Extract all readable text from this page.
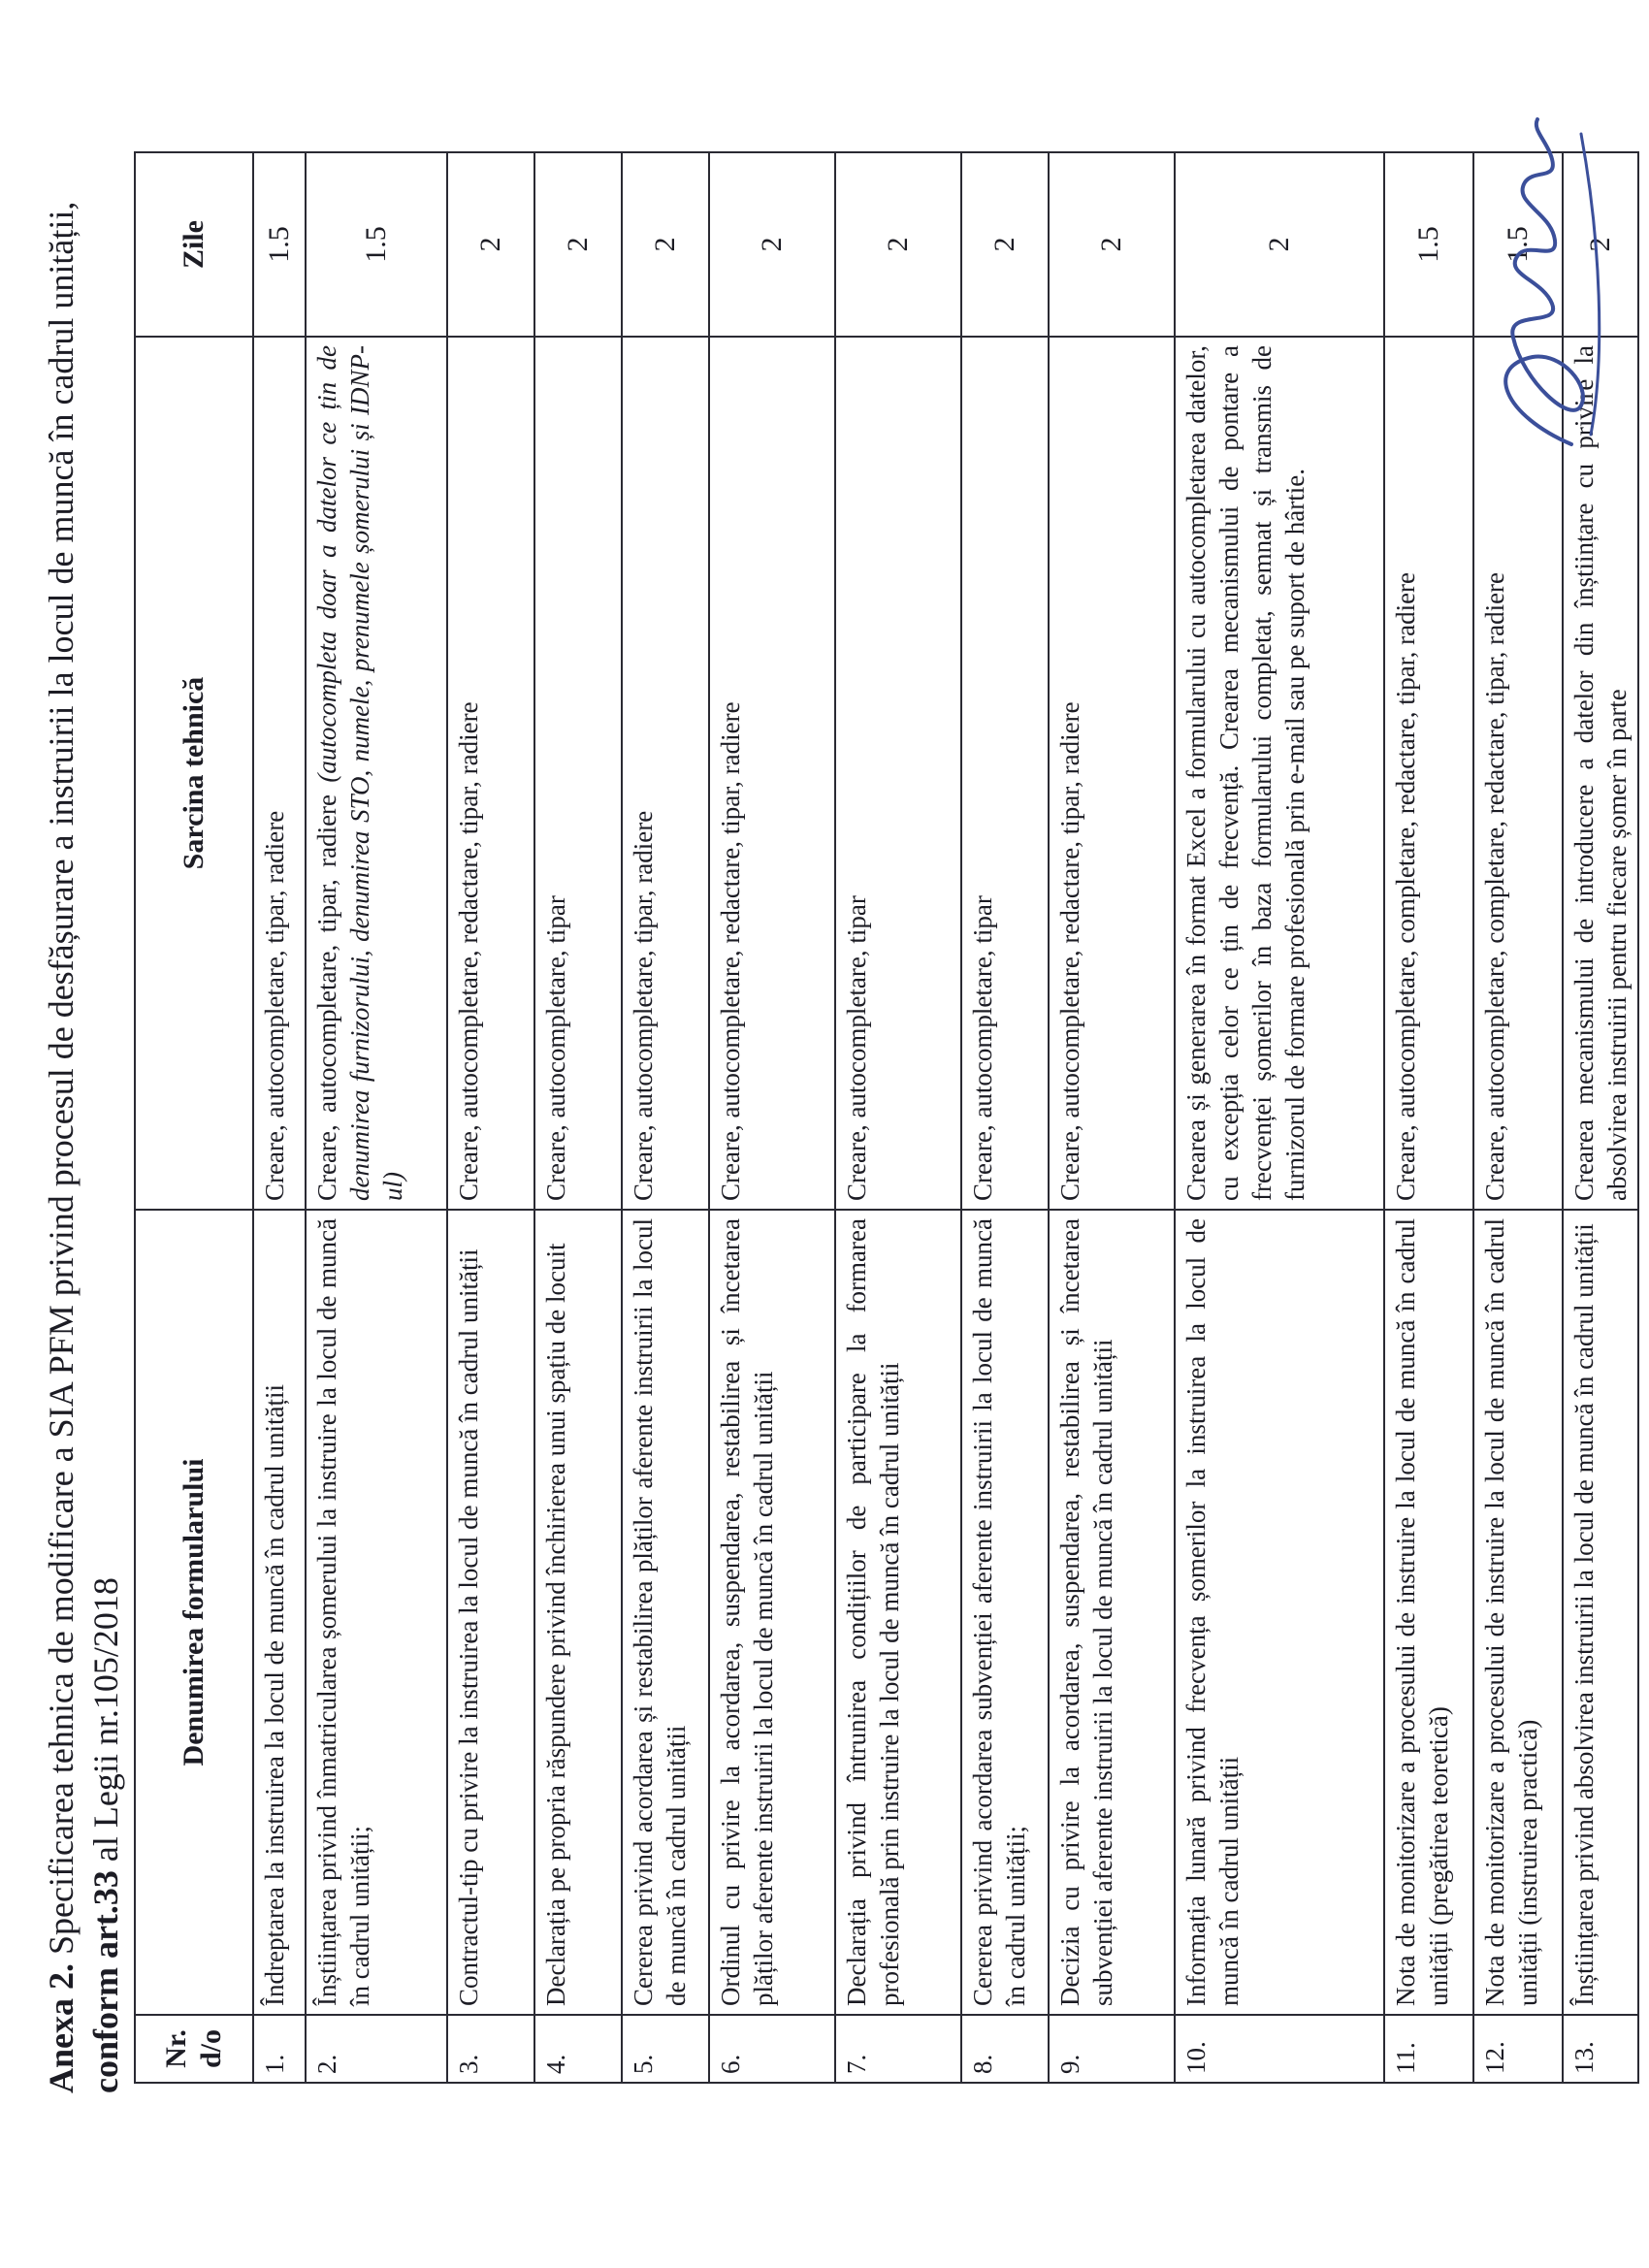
Anexa 2. Specificarea tehnica de modificare a SIA PFM privind procesul de desfășurare a instruirii la locul de muncă în cadrul unității, conform art.33 al Legii nr.105/2018
Nr. d/o	Denumirea formularului	Sarcina tehnică	Zile
1.	Îndreptarea la instruirea la locul de muncă în cadrul unității	Creare, autocompletare, tipar, radiere	1.5
2.	Înștiințarea privind înmatricularea șomerului la instruire la locul de muncă în cadrul unității;	Creare, autocompletare, tipar, radiere (autocompleta doar a datelor ce țin de denumirea furnizorului, denumirea STO, numele, prenumele șomerului și IDNP-ul)	1.5
3.	Contractul-tip cu privire la instruirea la locul de muncă în cadrul unității	Creare, autocompletare, redactare, tipar, radiere	2
4.	Declarația pe propria răspundere privind închirierea unui spațiu de locuit	Creare, autocompletare, tipar	2
5.	Cererea privind acordarea și restabilirea plăților aferente instruirii la locul de muncă în cadrul unității	Creare, autocompletare, tipar, radiere	2
6.	Ordinul cu privire la acordarea, suspendarea, restabilirea și încetarea plăților aferente instruirii la locul de muncă în cadrul unității	Creare, autocompletare, redactare, tipar, radiere	2
7.	Declarația privind întrunirea condițiilor de participare la formarea profesională prin instruire la locul de muncă în cadrul unității	Creare, autocompletare, tipar	2
8.	Cererea privind acordarea subvenției aferente instruirii la locul de muncă în cadrul unității;	Creare, autocompletare, tipar	2
9.	Decizia cu privire la acordarea, suspendarea, restabilirea și încetarea subvenției aferente instruirii la locul de muncă în cadrul unității	Creare, autocompletare, redactare, tipar, radiere	2
10.	Informația lunară privind frecvența șomerilor la instruirea la locul de muncă în cadrul unității	Crearea și generarea în format Excel a formularului cu autocompletarea datelor, cu excepția celor ce țin de frecvență. Crearea mecanismului de pontare a frecvenței șomerilor în baza formularului completat, semnat și transmis de furnizorul de formare profesională prin e-mail sau pe suport de hârtie.	2
11.	Nota de monitorizare a procesului de instruire la locul de muncă în cadrul unității (pregătirea teoretică)	Creare, autocompletare, completare, redactare, tipar, radiere	1.5
12.	Nota de monitorizare a procesului de instruire la locul de muncă în cadrul unității (instruirea practică)	Creare, autocompletare, completare, redactare, tipar, radiere	1.5
13.	Înștiințarea privind absolvirea instruirii la locul de muncă în cadrul unității	Crearea mecanismului de introducere a datelor din înștiințare cu privire la absolvirea instruirii pentru fiecare șomer în parte	2
